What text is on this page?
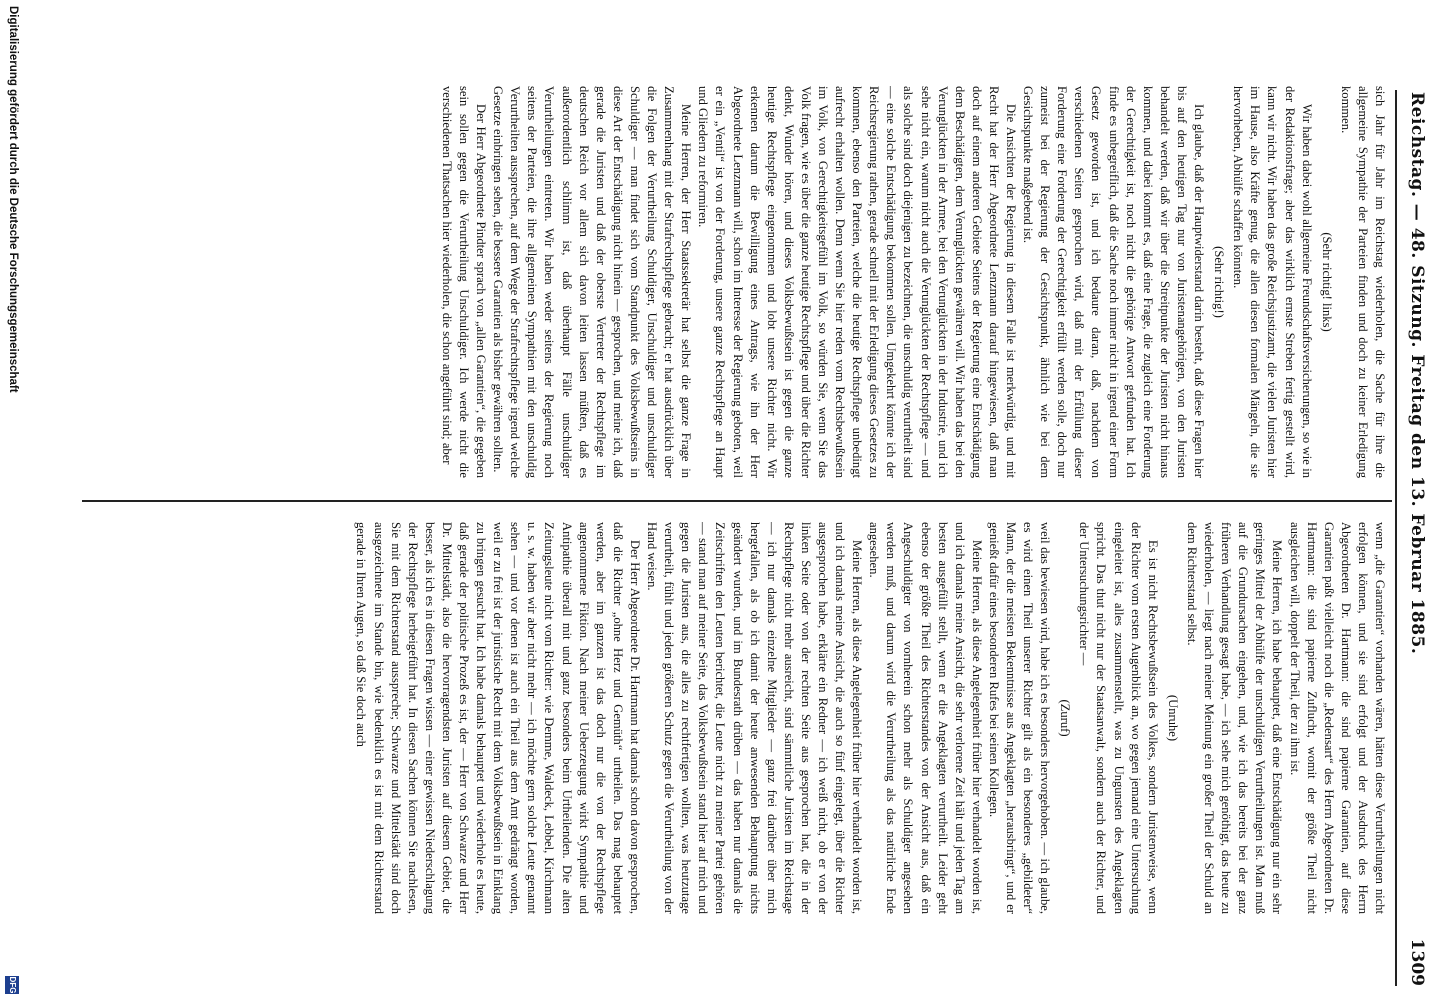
Reichstag. — 48. Sitzung. Freitag den 13. Februar 1885.
1309

sich Jahr für Jahr im Reichstag wiederholen, die Sache für ihre die allgemeine Sympathie der Parteien finden und doch zu keiner Erledigung kommen.

(Sehr richtig! links)

Wir haben dabei wohl allgemeine Freundschaftsversicherungen, so wie in der Redaktionsfrage; aber das wirklich ernste Streben fertig gestellt wird, kann wir nicht. Wir haben das große Reichsjustizamt, die vielen Juristen hier im Hause, also Kräfte genug, die allen diesen formalen Mängeln, die sie hervorheben, Abhülfe schaffen könnten.

(Sehr richtig!)

Ich glaube, daß der Hauptwiderstand darin besteht, daß diese Fragen hier bis auf den heutigen Tag nur von Juristenangehörigen, von den Juristen behandelt werden, daß wir über die Streitpunkte der Juristen nicht hinaus kommen, und dabei kommt es, daß eine Frage, die zugleich eine Forderung der Gerechtigkeit ist, noch nicht die gehörige Antwort gefunden hat. Ich finde es unbegreiflich, daß die Sache noch immer nicht in irgend einer Form Gesetz geworden ist, und ich bedaure daran, daß, nachdem von verschiedenen Seiten gesprochen wird, daß mit der Erfüllung dieser Forderung eine Forderung der Gerechtigkeit erfüllt werden solle, doch nur zumeist bei der Regierung der Gesichtspunkt, ähnlich wie bei dem Gesichtspunkte maßgebend ist.

Die Ansichten der Regierung in diesem Falle ist merkwürdig, und mit Recht hat der Herr Abgeordnete Lenzmann darauf hingewiesen, daß man doch auf einem anderen Gebiete Seitens der Regierung eine Entschädigung dem Beschädigten, dem Verunglückten gewähren will. Wir haben das bei den Verunglückten in der Armee, bei den Verunglückten in der Industrie, und ich sehe nicht ein, warum nicht auch die Verunglückten der Rechtspflege — und als solche sind doch diejenigen zu bezeichnen, die unschuldig verurtheilt sind — eine solche Entschädigung bekommen sollen. Umgekehrt könnte ich der Reichsregierung rathen, gerade schnell mit der Erledigung dieses Gesetzes zu kommen, ebenso den Parteien, welche die heutige Rechtspflege unbedingt aufrecht erhalten wollen. Denn wenn Sie hier reden vom Rechtsbewußtsein im Volk, von Gerechtigkeitsgefühl im Volk, so würden Sie, wenn Sie das Volk fragen, wie es über die ganze heutige Rechtspflege und über die Richter denkt, Wunder hören, und dieses Volksbewußtsein ist gegen die ganze heutige Rechtspflege eingenommen und lobt unsere Richter nicht. Wir erkennen darum die Bewilligung eines Antrags, wie ihn der Herr Abgeordnete Lenzmann will, schon im Interesse der Regierung geboten, weil er ein „Ventil“ ist von der Forderung, unsere ganze Rechtspflege an Haupt und Gliedern zu reformiren.

Meine Herren, der Herr Staatssekretär hat selbst die ganze Frage in Zusammenhang mit der Strafrechtspflege gebracht; er hat ausdrücklich über die Folgen der Verurtheilung Schuldiger, Unschuldiger und unschuldiger Schuldiger — man findet sich vom Standpunkt des Volksbewußtseins in diese Art der Entschädigung nicht hinein — gesprochen, und meine ich, daß gerade die Juristen und daß der oberste Vertreter der Rechtspflege im deutschen Reich vor allem sich davon leiten lassen müßten, daß es außerordentlich schlimm ist, daß überhaupt Fälle unschuldiger Verurtheilungen eintreten. Wir haben weder seitens der Regierung noch seitens der Parteien, die ihre allgemeinen Sympathien mit den unschuldig Verurtheilten aussprechen, auf dem Wege der Strafrechtspflege irgend welche Gesetze einbringen sehen, die bessere Garantien als bisher gewähren sollten.

Der Herr Abgeordnete Pindter sprach von „allen Garantien“, die gegeben sein sollen gegen die Verurtheilung Unschuldiger. Ich werde nicht die verschiedenen Thatsachen hier wiederholen, die schon angeführt sind; aber

wenn „die Garantien“ vorhanden wären, hätten diese Verurtheilungen nicht erfolgen können, und sie sind erfolgt und der Ausdruck des Herrn Abgeordneten Dr. Hartmann: die sind papierne Garantien, auf diese Garantien paßt vielleicht noch die „Redensart“ des Herrn Abgeordneten Dr. Hartmann: die sind papierne Zuflucht, womit der größte Theil nicht ausgleichen will, doppelt der Theil, der zu ihm ist.

Meine Herren, ich habe behauptet, daß eine Entschädigung nur ein sehr geringes Mittel der Abhülfe der unschuldigen Verurtheilungen ist. Man muß auf die Grundursachen eingehen, und, wie ich das bereits bei der ganz früheren Verhandlung gesagt habe, — ich sehe mich genöthigt, das heute zu wiederholen, — liegt nach meiner Meinung ein großer Theil der Schuld an dem Richterstand selbst.

(Unruhe)

Es ist nicht Rechtsbewußtsein des Volkes, sondern Juristenweise, wenn der Richter vom ersten Augenblick an, wo gegen jemand eine Untersuchung eingeleitet ist, alles zusammenstellt, was zu Ungunsten des Angeklagten spricht. Das thut nicht nur der Staatsanwalt, sondern auch der Richter, und der Untersuchungsrichter —

(Zuruf)

weil das bewiesen wird, habe ich es besonders hervorgehoben. — ich glaube, es wird einen Theil unserer Richter gilt als ein besonderes „gebildeter“ Mann, der die meisten Bekenntnisse aus Angeklagten „herausbringt“, und er genießt dafür eines besonderen Rufes bei seinen Kollegen.

Meine Herren, als diese Angelegenheit früher hier verhandelt worden ist, und ich damals meine Ansicht, die sehr verlorene Zeit hält und jeden Tag am besten ausgefüllt stellt, wenn er die Angeklagten verurtheilt. Leider geht ebenso der größte Theil des Richterstandes von der Ansicht aus, daß ein Angeschuldigter von vornherein schon mehr als Schuldiger angesehen werden muß, und darum wird die Verurtheilung als das natürliche Ende angesehen.

Meine Herren, als diese Angelegenheit früher hier verhandelt worden ist, und ich damals meine Ansicht, die auch so fünf eingelegt, über die Richter ausgesprochen habe, erklärte ein Redner — ich weiß nicht, ob er von der linken Seite oder von der rechten Seite aus gesprochen hat, die in der Rechtspflege nicht mehr ausreicht, sind sämmtliche Juristen im Reichstage — ich nur damals einzelne Mitglieder — ganz frei darüber über mich hergefallen, als ob ich damit der heute anwesenden Behauptung nichts geändert wurden, und im Bundesrath drüben — das haben nur damals die Zeitschriften den Leuten berichtet, die Leute nicht zu meiner Partei gehören — stand man auf meiner Seite, das Volksbewußtsein stand hier auf mich und gegen die Juristen aus, die alles zu rechtfertigen wollten, was heutzutage verurtheilt, fühlt und jeden größeren Schutz gegen die Verurtheilung von der Hand weisen.

Der Herr Abgeordnete Dr. Hartmann hat damals schon davon gesprochen, daß die Richter „ohne Herz und Gemüth“ urtheilen. Das mag behauptet werden, aber im ganzen ist das doch nur die von der Rechtspflege angenommene Fiktion. Nach meiner Ueberzeugung wirkt Sympathie und Antipathie überall mit und ganz besonders beim Urtheilenden. Die alten Zeitungsleute nicht vom Richter: wie Demme, Waldeck, Lebbel, Kirchmann u. s. w. haben wir aber nicht mehr — ich möchte gern solche Leute genannt sehen — und vor denen ist auch ein Theil aus dem Amt gedrängt worden, weil er zu frei ist der juristische Recht mit dem Volksbewußtsein in Einklang zu bringen gesucht hat. Ich habe damals behauptet und wiederhole es heute, daß gerade der politische Prozeß es ist, der — Herr von Schwarze und Herr Dr. Mittelstädt, also die hervorragendsten Juristen auf diesem Gebiet, die besser, als ich es in diesen Fragen wissen — einer gewissen Niederschlagung der Rechtspflege herbeigeführt hat. In diesen Sachen können Sie nachlesen, Sie mit dem Richterstand ausspreche; Schwarze und Mittelstädt sind doch ausgezeichnete im Stande bin, wie bedenklich es ist mit dem Richterstand gerade in Ihren Augen, so daß Sie doch auch

Digitalisierung gefördert durch die Deutsche Forschungsgemeinschaft
DFG
